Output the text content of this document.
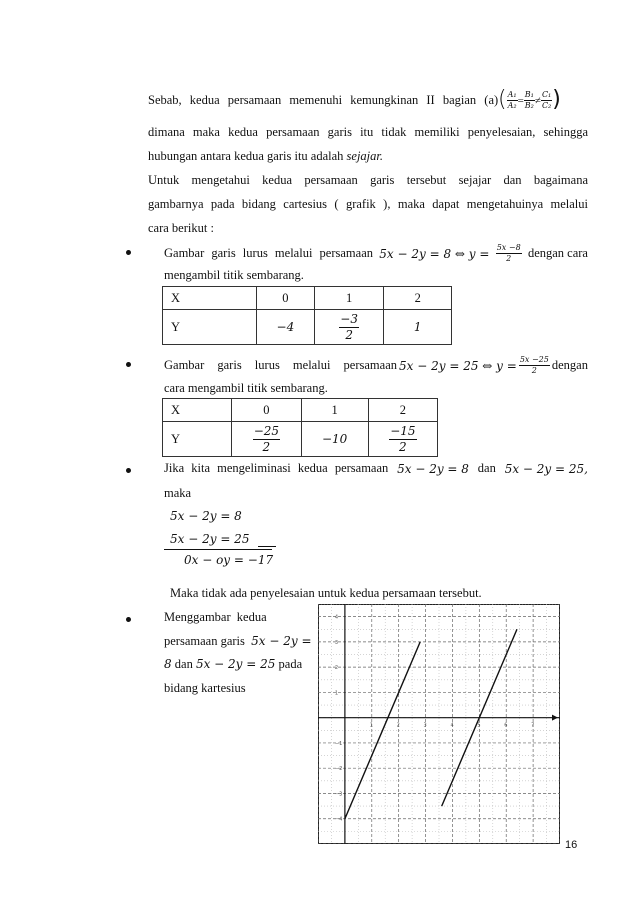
Sebab, kedua persamaan memenuhi kemungkinan II bagian (a) ( $\frac{\text{A₁}}{\text{A₂}} = \frac{\text{B₁}}{\text{B₂}} \ne \frac{\text{C₁}}{\text{C₂}}$ )
dimana maka kedua persamaan garis itu tidak memiliki penyelesaian, sehingga
hubungan antara kedua garis itu adalah sejajar.
Untuk mengetahui kedua persamaan garis tersebut sejajar dan bagaimana
gambarnya pada bidang cartesius ( grafik ), maka dapat mengetahuinya melalui
cara berikut :
Gambar garis lurus melalui persamaan 5x − 2y = 8 ⇔ $y = \frac{5x -8}{2}$ dengan cara
mengambil titik sembarang.
X	0	1	2
Y	−4	$\frac{-3}{2}$	1
Gambar garis lurus melalui persamaan 5x − 2y = 25 ⇔ $y = \frac{5x -25}{2}$ dengan
cara mengambil titik sembarang.
X	0	1	2
Y	$\frac{-25}{2}$	−10	$\frac{-15}{2}$
Jika kita mengeliminasi kedua persamaan 5x − 2y = 8 dan 5x − 2y = 25,
maka
5x − 2y = 8
5x − 2y = 25
0x − oy = −17
Maka tidak ada penyelesaian untuk kedua persamaan tersebut.
Menggambar kedua
persamaan garis 5x − 2y =
8 dan 5x − 2y = 25 pada
bidang kartesius
1	2	3	4	5	6	7
4
3
2
1
−1
−2
−3
−4
16
